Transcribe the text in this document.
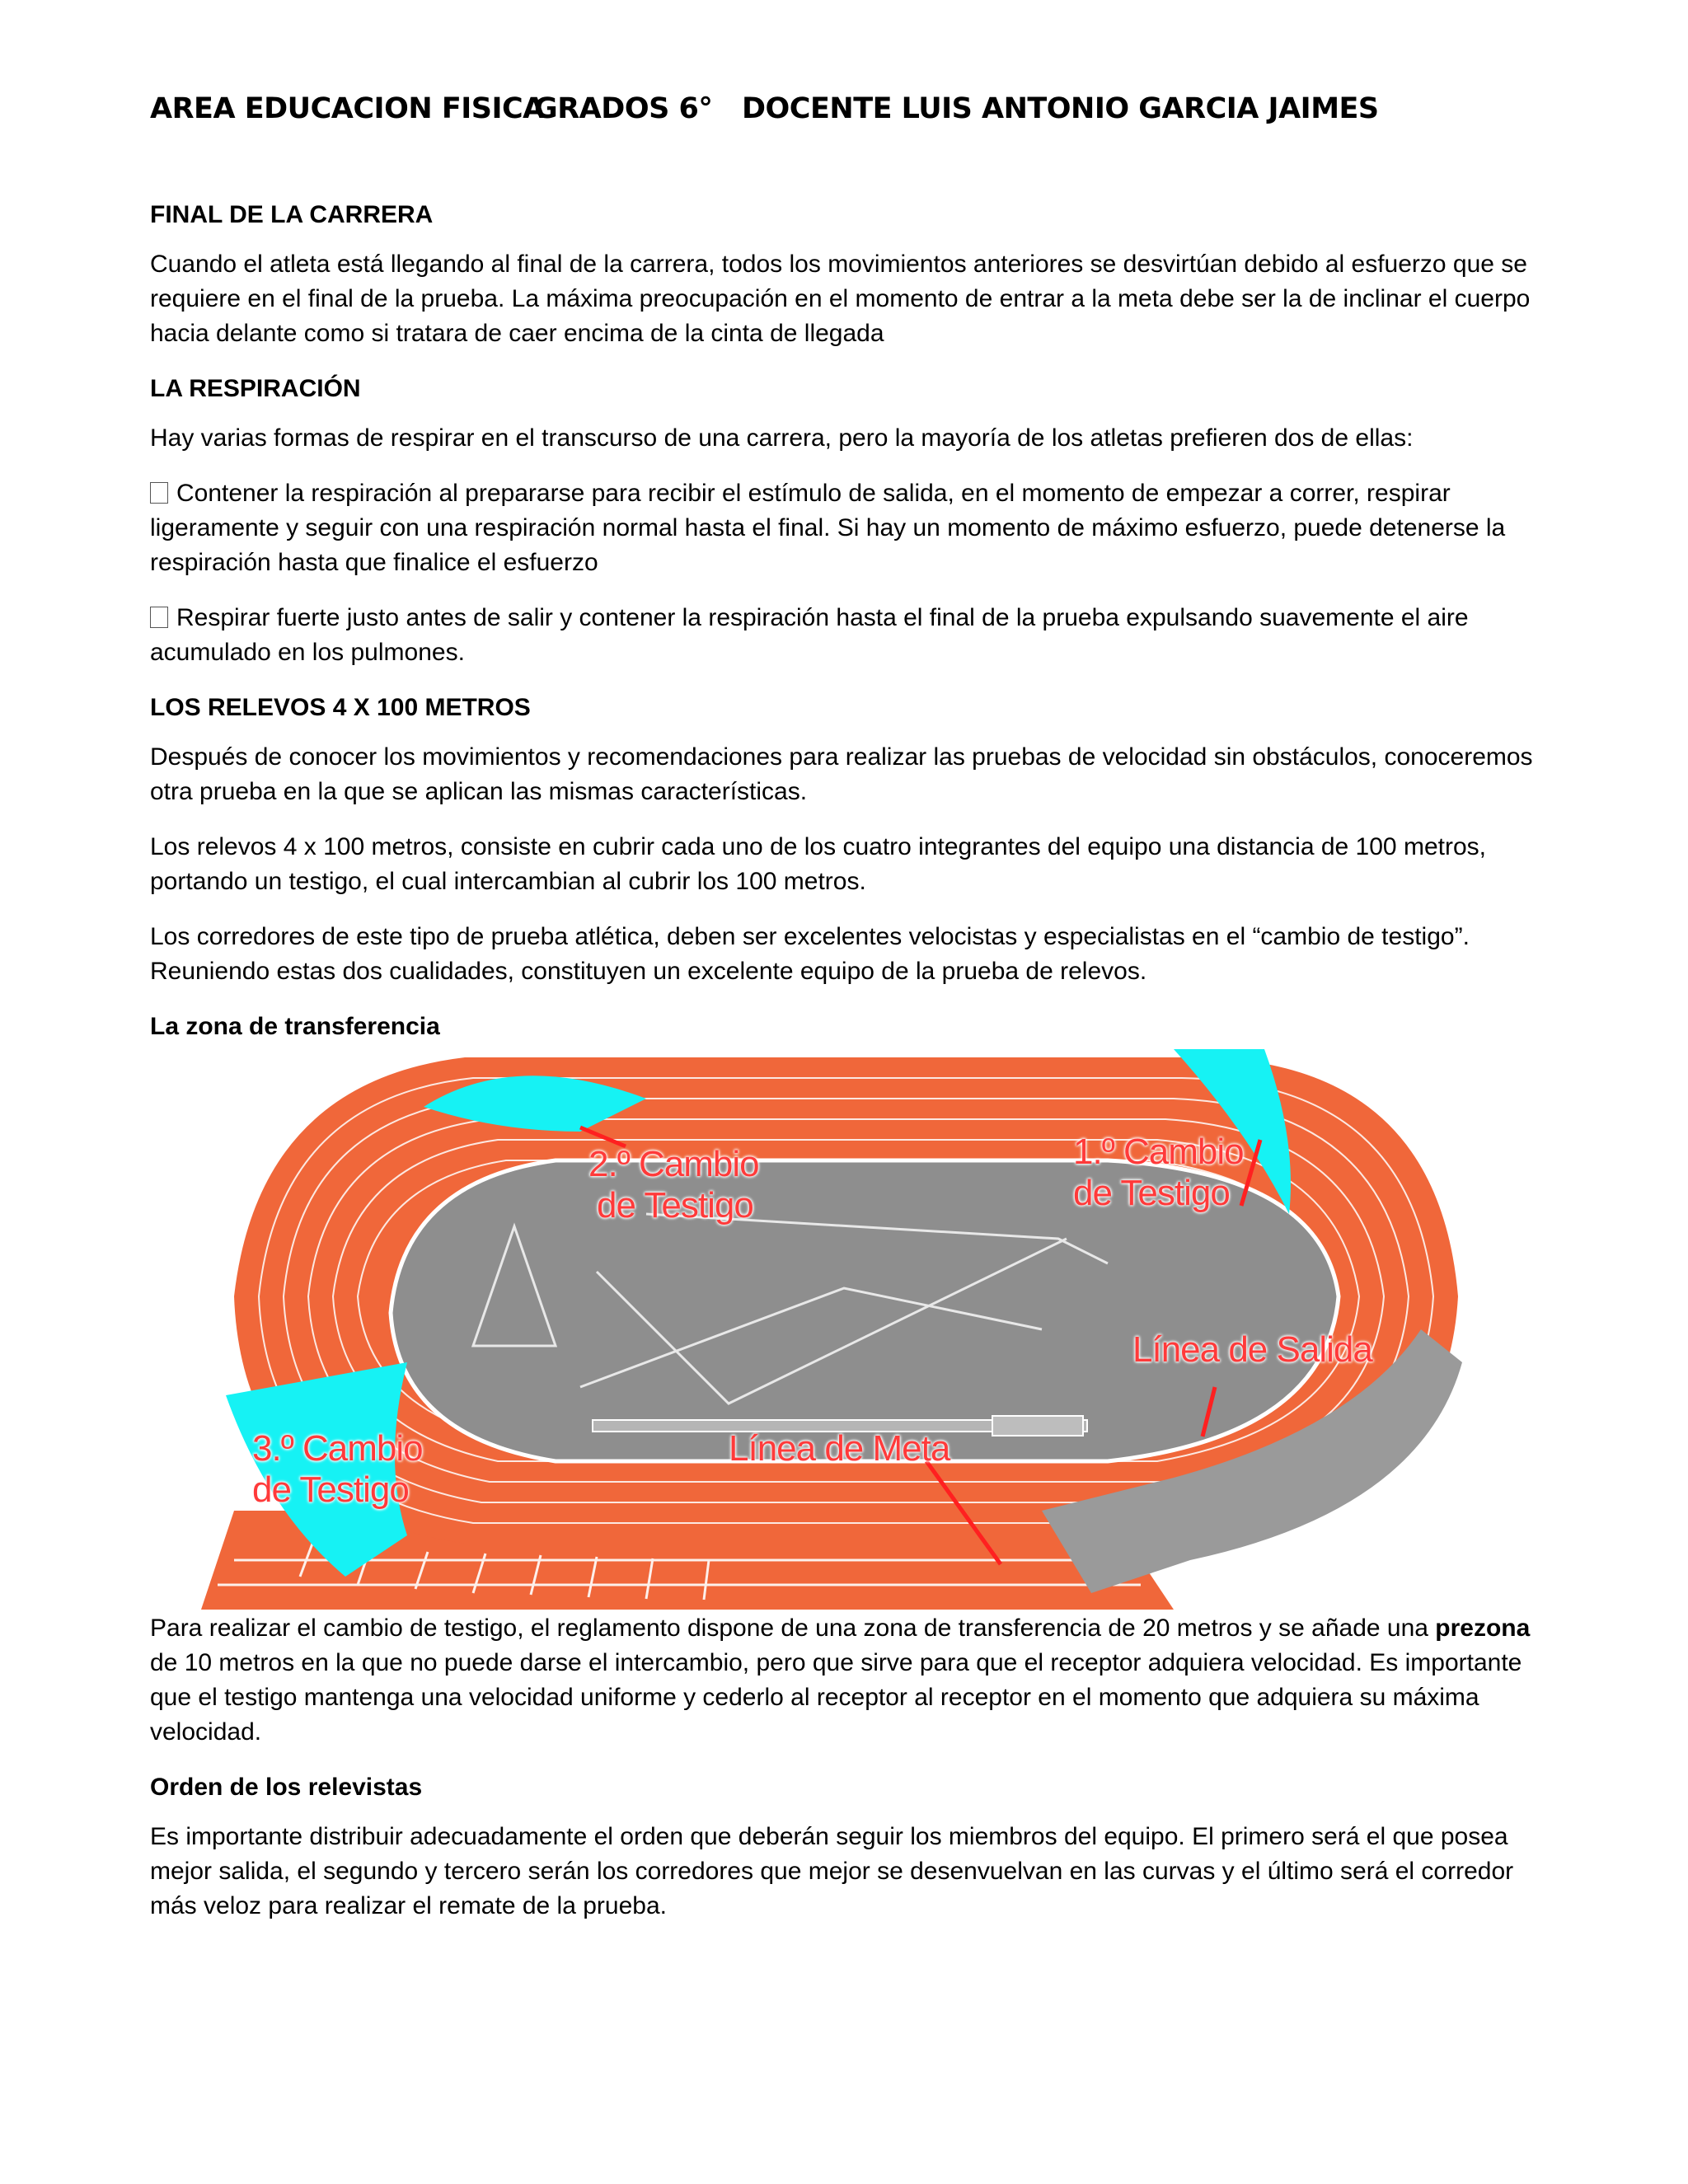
AREA EDUCACION FISICAGRADOS 6° DOCENTE LUIS ANTONIO GARCIA JAIMES
FINAL DE LA CARRERA

Cuando el atleta está llegando al final de la carrera, todos los movimientos anteriores se desvirtúan debido al esfuerzo que se requiere en el final de la prueba. La máxima preocupación en el momento de entrar a la meta debe ser la de inclinar el cuerpo hacia delante como si tratara de caer encima de la cinta de llegada

LA RESPIRACIÓN

Hay varias formas de respirar en el transcurso de una carrera, pero la mayoría de los atletas prefieren dos de ellas:

Contener la respiración al prepararse para recibir el estímulo de salida, en el momento de empezar a correr, respirar ligeramente y seguir con una respiración normal hasta el final. Si hay un momento de máximo esfuerzo, puede detenerse la respiración hasta que finalice el esfuerzo

Respirar fuerte justo antes de salir y contener la respiración hasta el final de la prueba expulsando suavemente el aire acumulado en los pulmones.

LOS RELEVOS 4 X 100 METROS

Después de conocer los movimientos y recomendaciones para realizar las pruebas de velocidad sin obstáculos, conoceremos otra prueba en la que se aplican las mismas características.

Los relevos 4 x 100 metros, consiste en cubrir cada uno de los cuatro integrantes del equipo una distancia de 100 metros, portando un testigo, el cual intercambian al cubrir los 100 metros.

Los corredores de este tipo de prueba atlética, deben ser excelentes velocistas y especialistas en el “cambio de testigo”. Reuniendo estas dos cualidades, constituyen un excelente equipo de la prueba de relevos.

La zona de transferencia
2.º Cambio
de Testigo
1.º Cambio
de Testigo
Línea de Salida
3.º Cambio
de Testigo
Línea de Meta

Para realizar el cambio de testigo, el reglamento dispone de una zona de transferencia de 20 metros y se añade una prezona de 10 metros en la que no puede darse el intercambio, pero que sirve para que el receptor adquiera velocidad. Es importante que el testigo mantenga una velocidad uniforme y cederlo al receptor al receptor en el momento que adquiera su máxima velocidad.

Orden de los relevistas

Es importante distribuir adecuadamente el orden que deberán seguir los miembros del equipo. El primero será el que posea mejor salida, el segundo y tercero serán los corredores que mejor se desenvuelvan en las curvas y el último será el corredor más veloz para realizar el remate de la prueba.
